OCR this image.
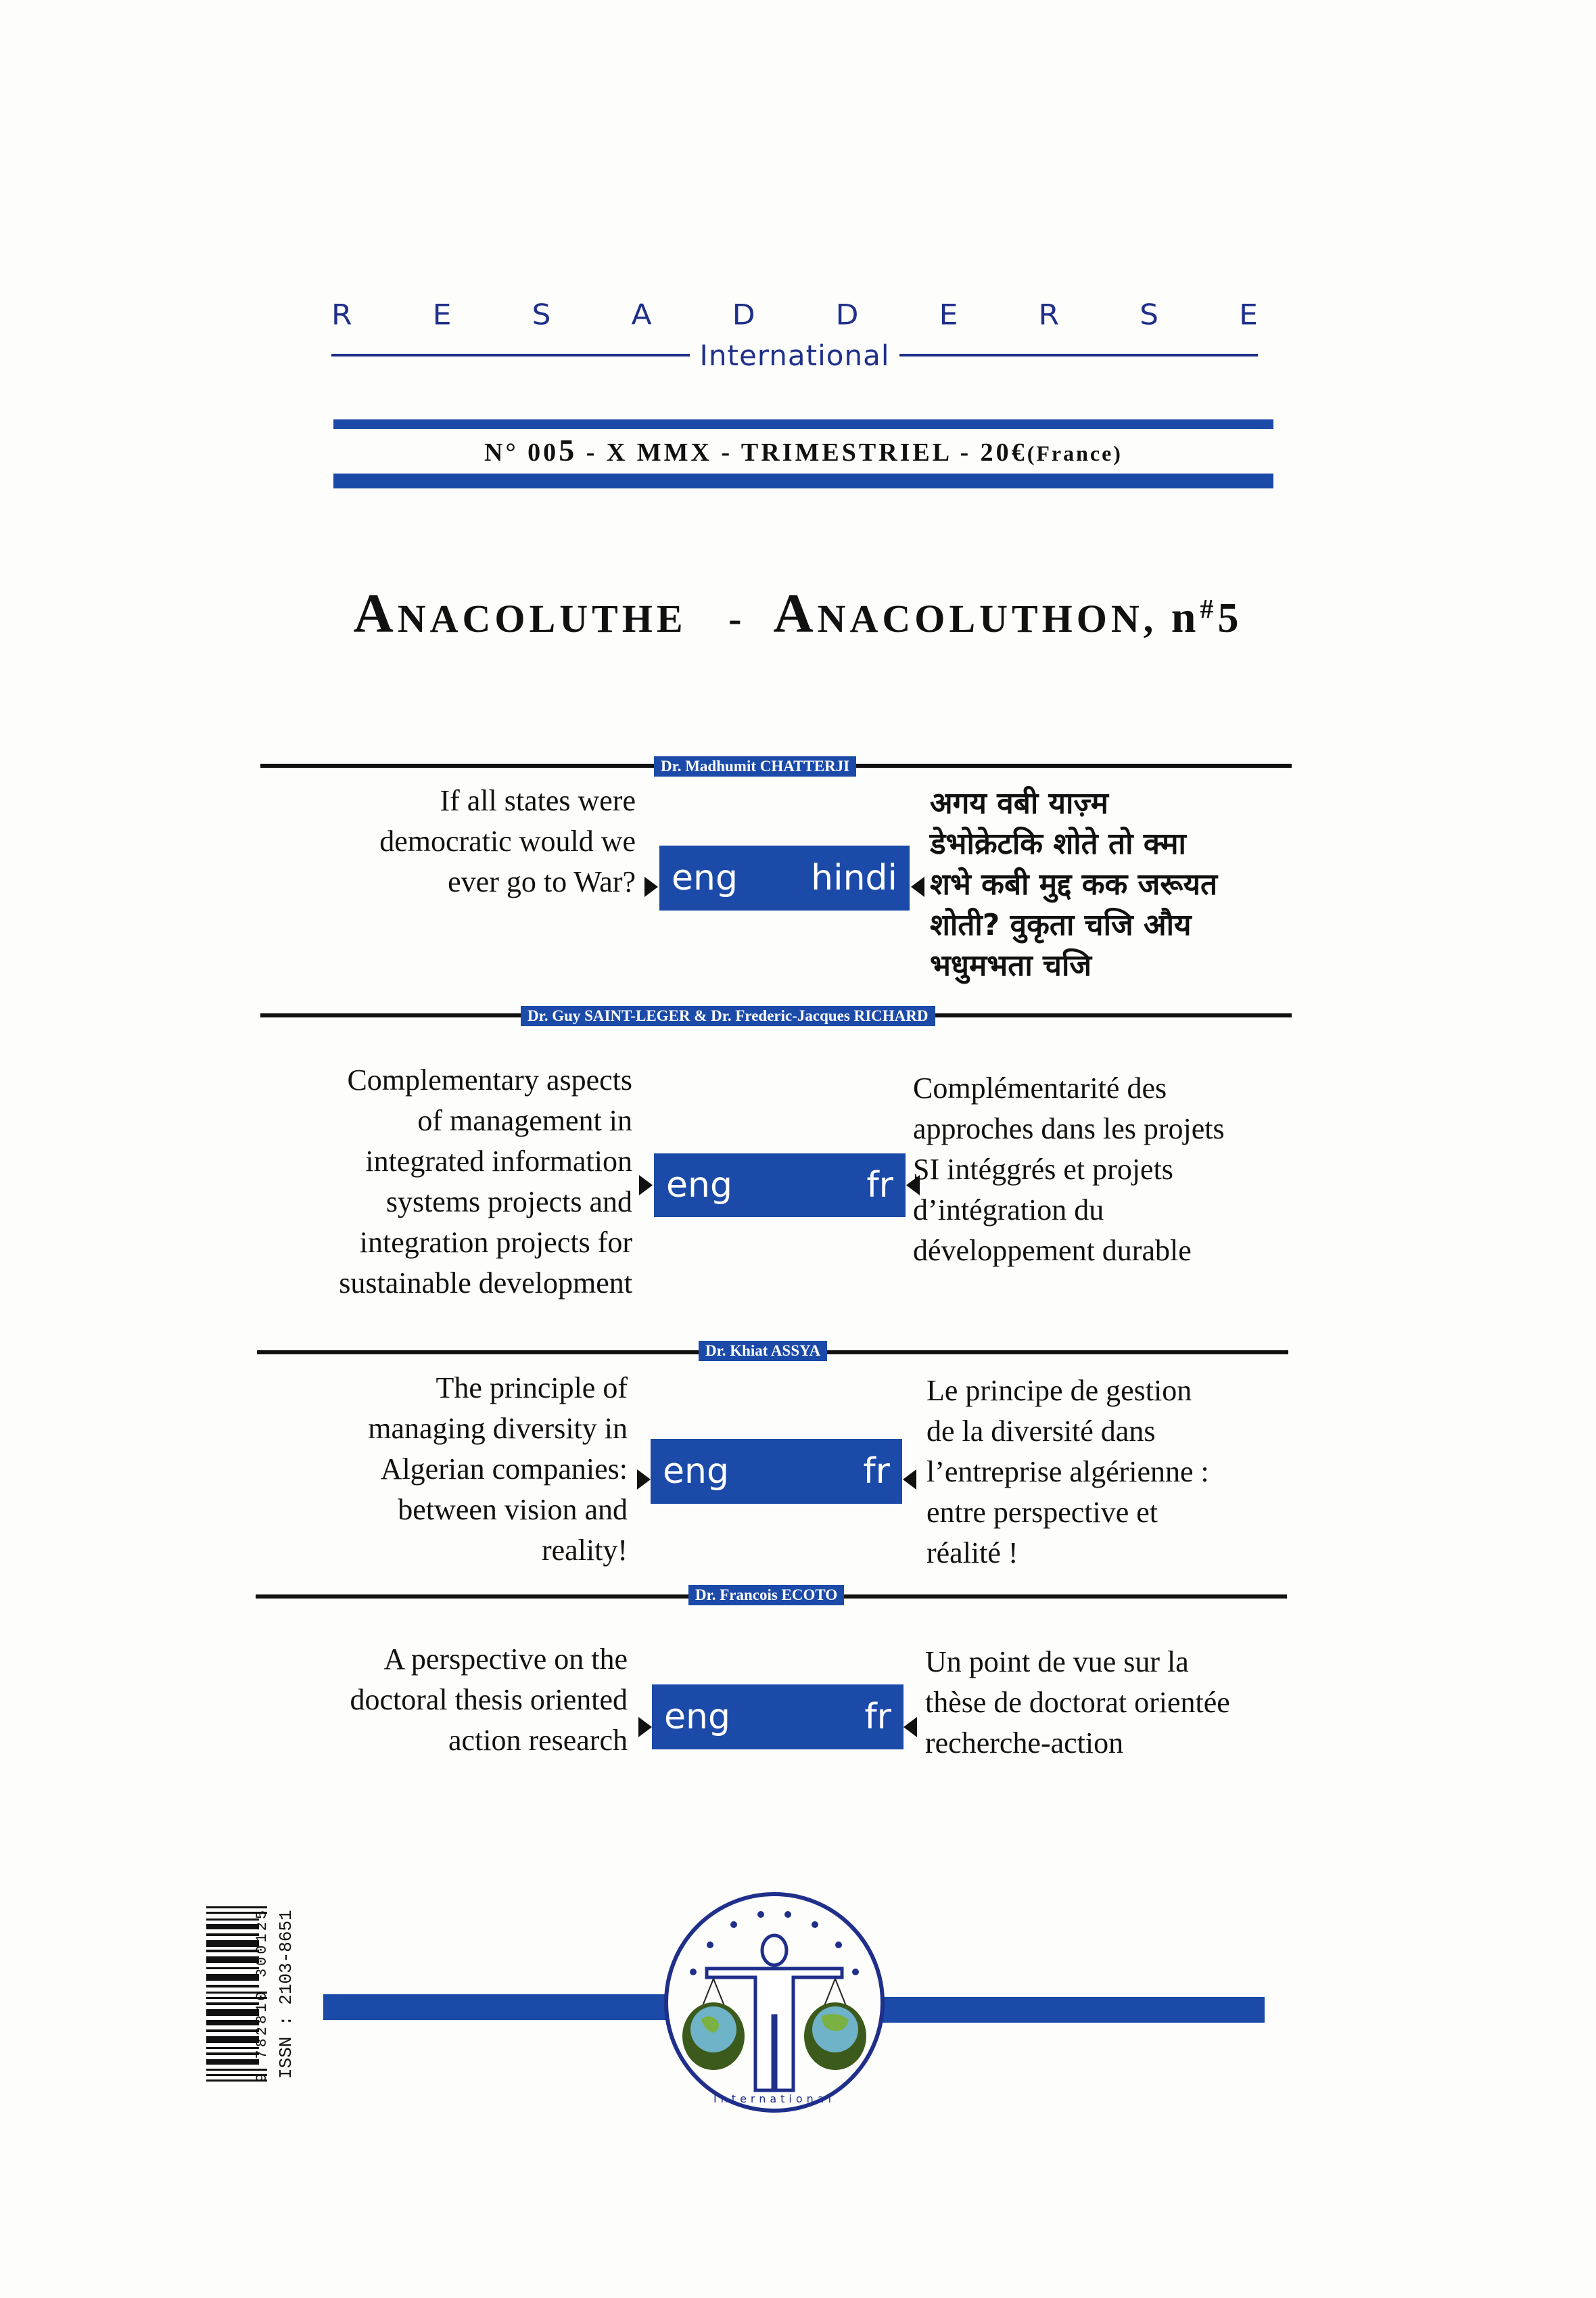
R	E	S	A	D	D	E	R	S	E
International
N° 005 - X MMX - TRIMESTRIEL - 20€(France)
ANACOLUTHE - ANACOLUTHON, n#5
Dr. Madhumit CHATTERJI
If all states were
democratic would we
ever go to War? eng hindi
अगय वबी याज़्म
डेभोक्रेटकि शोते तो क्मा
शभे कबी मुद्द कक जरूयत
शोती? वुकृता चजि औय
भधुमभता चजि
Dr. Guy SAINT-LEGER & Dr. Frederic-Jacques RICHARD
Complementary aspects
of management in
integrated information
systems projects and
integration projects for
sustainable development
eng	fr
Complémentarité des
approches dans les projets
SI intéggrés et projets
d’intégration du
développement durable
Dr. Khiat ASSYA
The principle of
managing diversity in
Algerian companies:
between vision and
reality!
eng	fr
Le principe de gestion
de la diversité dans
l’entreprise algérienne :
entre perspective et
réalité !
Dr. Francois ECOTO
A perspective on the
doctoral thesis oriented
action research
eng	fr
Un point de vue sur la
thèse de doctorat orientée
recherche-action
International
9 782810 300125 ISSN : 2103-8651
